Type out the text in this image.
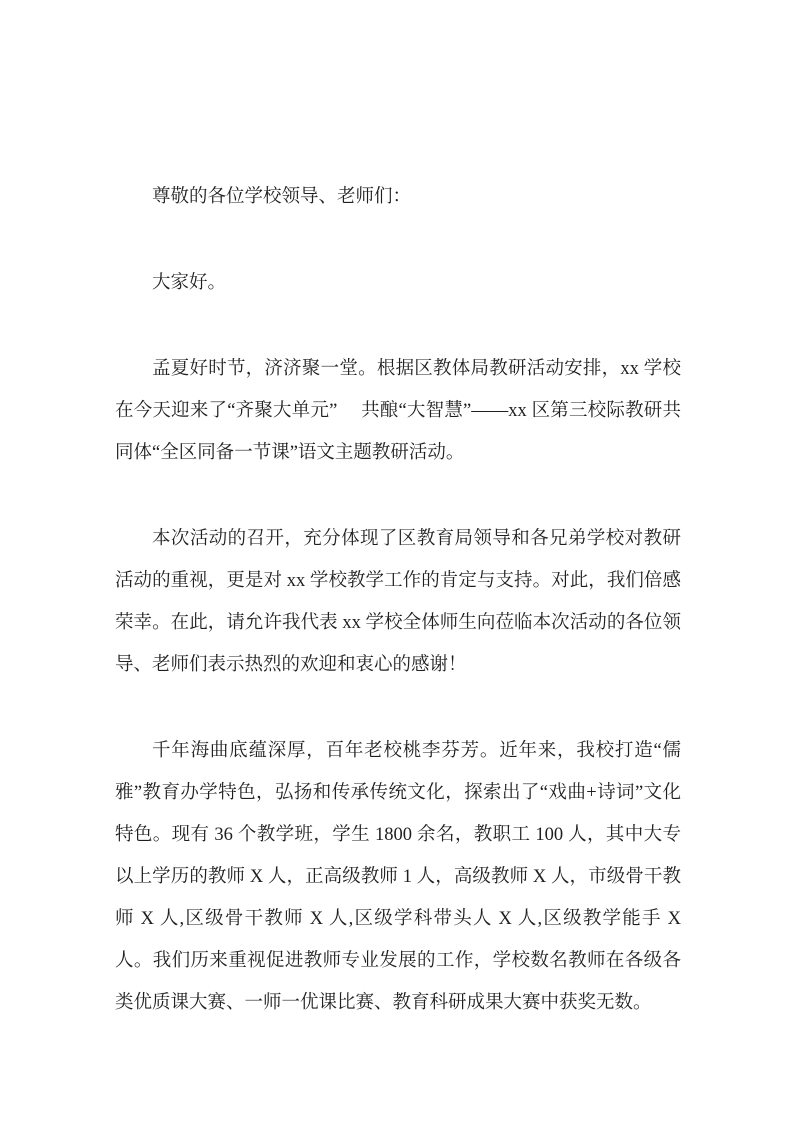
尊敬的各位学校领导、老师们：

大家好。

孟夏好时节，济济聚一堂。根据区教体局教研活动安排，xx 学校在今天迎来了“齐聚大单元”　 共酿“大智慧”——xx 区第三校际教研共同体“全区同备一节课”语文主题教研活动。

本次活动的召开，充分体现了区教育局领导和各兄弟学校对教研活动的重视，更是对 xx 学校教学工作的肯定与支持。对此，我们倍感荣幸。在此，请允许我代表 xx 学校全体师生向莅临本次活动的各位领导、老师们表示热烈的欢迎和衷心的感谢！

千年海曲底蕴深厚，百年老校桃李芬芳。近年来，我校打造“儒雅”教育办学特色，弘扬和传承传统文化，探索出了“戏曲+诗词”文化特色。现有 36 个教学班，学生 1800 余名，教职工 100 人，其中大专以上学历的教师 X 人，正高级教师 1 人，高级教师 X 人，市级骨干教师 X 人,区级骨干教师 X 人,区级学科带头人 X 人,区级教学能手 X 人。我们历来重视促进教师专业发展的工作，学校数名教师在各级各类优质课大赛、一师一优课比赛、教育科研成果大赛中获奖无数。
